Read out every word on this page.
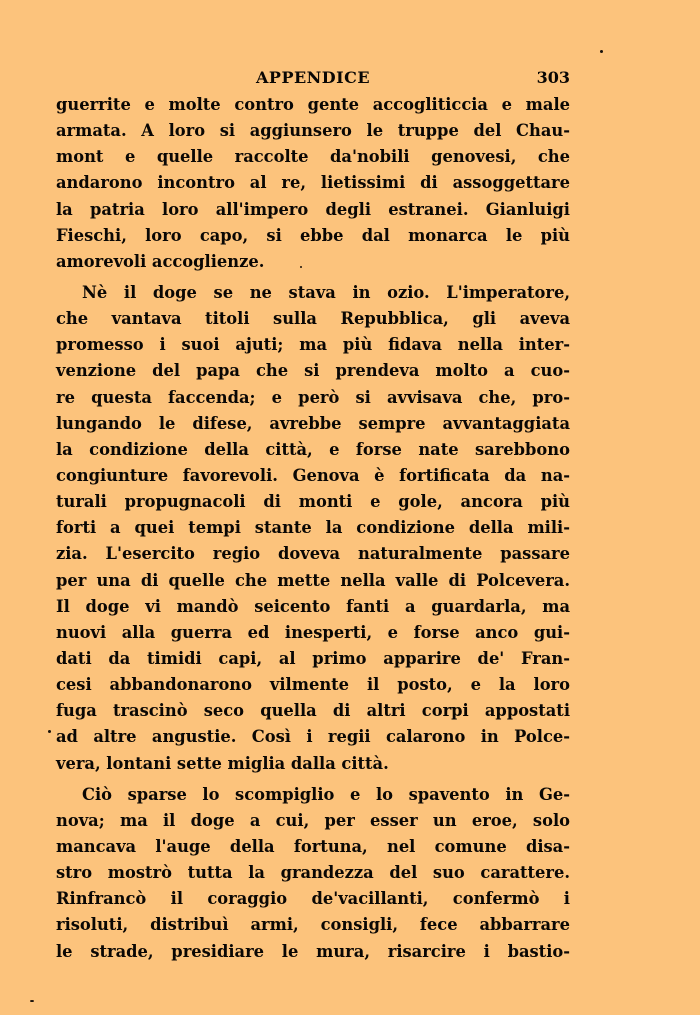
APPENDICE	303
guerrite e molte contro gente accogliticcia e male
armata. A loro si aggiunsero le truppe del Chau-
mont e quelle raccolte da'nobili genovesi, che
andarono incontro al re, lietissimi di assoggettare
la patria loro all'impero degli estranei. Gianluigi
Fieschi, loro capo, si ebbe dal monarca le più
amorevoli accoglienze.
Nè il doge se ne stava in ozio. L'imperatore,
che vantava titoli sulla Repubblica, gli aveva
promesso i suoi ajuti; ma più fidava nella inter-
venzione del papa che si prendeva molto a cuo-
re questa faccenda; e però si avvisava che, pro-
lungando le difese, avrebbe sempre avvantaggiata
la condizione della città, e forse nate sarebbono
congiunture favorevoli. Genova è fortificata da na-
turali propugnacoli di monti e gole, ancora più
forti a quei tempi stante la condizione della mili-
zia. L'esercito regio doveva naturalmente passare
per una di quelle che mette nella valle di Polcevera.
Il doge vi mandò seicento fanti a guardarla, ma
nuovi alla guerra ed inesperti, e forse anco gui-
dati da timidi capi, al primo apparire de' Fran-
cesi abbandonarono vilmente il posto, e la loro
fuga trascinò seco quella di altri corpi appostati
ad altre angustie. Così i regii calarono in Polce-
vera, lontani sette miglia dalla città.
Ciò sparse lo scompiglio e lo spavento in Ge-
nova; ma il doge a cui, per esser un eroe, solo
mancava l'auge della fortuna, nel comune disa-
stro mostrò tutta la grandezza del suo carattere.
Rinfrancò il coraggio de'vacillanti, confermò i
risoluti, distribuì armi, consigli, fece abbarrare
le strade, presidiare le mura, risarcire i bastio-
